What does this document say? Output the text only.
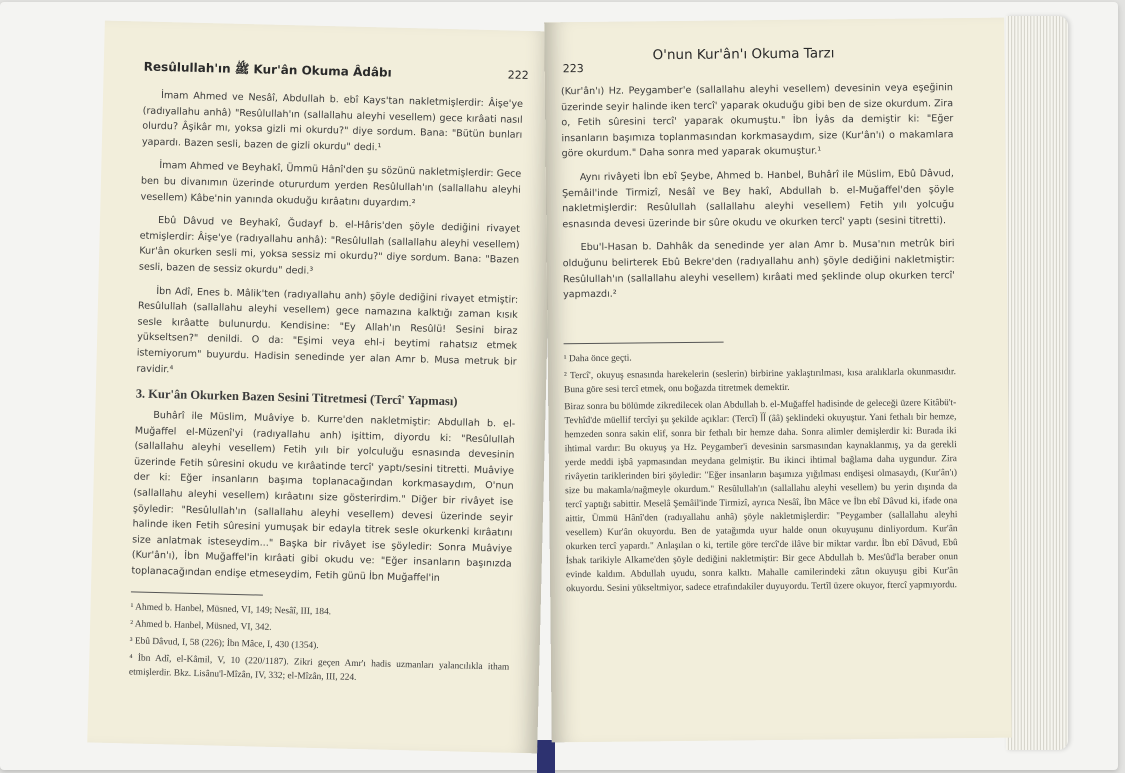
Resûlullah'ın ﷺ Kur'ân Okuma Âdâbı	222

İmam Ahmed ve Nesâî, Abdullah b. ebî Kays'tan nakletmişlerdir: Âişe'ye (radıyallahu anhâ) "Resûlullah'ın (sallallahu aleyhi vesellem) gece kırâati nasıl olurdu? Âşikâr mı, yoksa gizli mi okurdu?" diye sordum. Bana: "Bütün bunları yapardı. Bazen sesli, bazen de gizli okurdu" dedi.¹

İmam Ahmed ve Beyhakî, Ümmü Hânî'den şu sözünü nakletmişlerdir: Gece ben bu divanımın üzerinde otururdum yerden Resûlullah'ın (sallallahu aleyhi vesellem) Kâbe'nin yanında okuduğu kırâatını duyardım.²

Ebû Dâvud ve Beyhakî, Ğudayf b. el-Hâris'den şöyle dediğini rivayet etmişlerdir: Âişe'ye (radıyallahu anhâ): "Resûlullah (sallallahu aleyhi vesellem) Kur'ân okurken sesli mi, yoksa sessiz mi okurdu?" diye sordum. Bana: "Bazen sesli, bazen de sessiz okurdu" dedi.³

İbn Adî, Enes b. Mâlik'ten (radıyallahu anh) şöyle dediğini rivayet etmiştir: Resûlullah (sallallahu aleyhi vesellem) gece namazına kalktığı zaman kısık sesle kırâatte bulunurdu. Kendisine: "Ey Allah'ın Resûlü! Sesini biraz yükseltsen?" denildi. O da: "Eşimi veya ehl-i beytimi rahatsız etmek istemiyorum" buyurdu. Hadisin senedinde yer alan Amr b. Musa metruk bir ravidir.⁴

3. Kur'ân Okurken Bazen Sesini Titretmesi (Tercî' Yapması)

Buhârî ile Müslim, Muâviye b. Kurre'den nakletmiştir: Abdullah b. el-Muğaffel el-Müzenî'yi (radıyallahu anh) işittim, diyordu ki: "Resûlullah (sallallahu aleyhi vesellem) Fetih yılı bir yolculuğu esnasında devesinin üzerinde Fetih sûresini okudu ve kırâatinde tercî' yaptı/sesini titretti. Muâviye der ki: Eğer insanların başıma toplanacağından korkmasaydım, O'nun (sallallahu aleyhi vesellem) kırâatını size gösterirdim." Diğer bir rivâyet ise şöyledir: "Resûlullah'ın (sallallahu aleyhi vesellem) devesi üzerinde seyir halinde iken Fetih sûresini yumuşak bir edayla titrek sesle okurkenki kırâatını size anlatmak isteseydim..." Başka bir rivâyet ise şöyledir: Sonra Muâviye (Kur'ân'ı), İbn Muğaffel'in kırâati gibi okudu ve: "Eğer insanların başınızda toplanacağından endişe etmeseydim, Fetih günü İbn Muğaffel'in

¹ Ahmed b. Hanbel, Müsned, VI, 149; Nesâî, III, 184.

² Ahmed b. Hanbel, Müsned, VI, 342.

³ Ebû Dâvud, I, 58 (226); İbn Mâce, I, 430 (1354).

⁴ İbn Adî, el-Kâmil, V, 10 (220/1187). Zikri geçen Amr'ı hadis uzmanları yalancılıkla itham etmişlerdir. Bkz. Lisânu'l-Mîzân, IV, 332; el-Mîzân, III, 224.

O'nun Kur'ân'ı Okuma Tarzı
223

(Kur'ân'ı) Hz. Peygamber'e (sallallahu aleyhi vesellem) devesinin veya eşeğinin üzerinde seyir halinde iken tercî' yaparak okuduğu gibi ben de size okurdum. Zira o, Fetih sûresini tercî' yaparak okumuştu." İbn İyâs da demiştir ki: "Eğer insanların başımıza toplanmasından korkmasaydım, size (Kur'ân'ı) o makamlara göre okurdum." Daha sonra med yaparak okumuştur.¹

Aynı rivâyeti İbn ebî Şeybe, Ahmed b. Hanbel, Buhârî ile Müslim, Ebû Dâvud, Şemâil'inde Tirmizî, Nesâî ve Bey hakî, Abdullah b. el-Muğaffel'den şöyle nakletmişlerdir: Resûlullah (sallallahu aleyhi vesellem) Fetih yılı yolcuğu esnasında devesi üzerinde bir sûre okudu ve okurken tercî' yaptı (sesini titretti).

Ebu'l-Hasan b. Dahhâk da senedinde yer alan Amr b. Musa'nın metrûk biri olduğunu belirterek Ebû Bekre'den (radıyallahu anh) şöyle dediğini nakletmiştir: Resûlullah'ın (sallallahu aleyhi vesellem) kırâati med şeklinde olup okurken tercî' yapmazdı.²

¹ Daha önce geçti.

² Tercî', okuyuş esnasında harekelerin (seslerin) birbirine yaklaştırılması, kısa aralıklarla okunmasıdır. Buna göre sesi tercî etmek, onu boğazda titretmek demektir.

Biraz sonra bu bölümde zikredilecek olan Abdullah b. el-Muğaffel hadisinde de geleceği üzere Kitâbü't-Tevhîd'de müellif tercîyi şu şekilde açıklar: (Tercî) آآ (ââ) şeklindeki okuyuştur. Yani fethalı bir hemze, hemzeden sonra sakin elif, sonra bir fethalı bir hemze daha. Sonra alimler demişlerdir ki: Burada iki ihtimal vardır: Bu okuyuş ya Hz. Peygamber'i devesinin sarsmasından kaynaklanmış, ya da gerekli yerde meddi işbâ yapmasından meydana gelmiştir. Bu ikinci ihtimal bağlama daha uygundur. Zira rivâyetin tariklerinden biri şöyledir: "Eğer insanların başımıza yığılması endişesi olmasaydı, (Kur'ân'ı) size bu makamla/nağmeyle okurdum." Resûlullah'ın (sallallahu aleyhi vesellem) bu yerin dışında da tercî yaptığı sabittir. Meselâ Şemâil'inde Tirmizî, ayrıca Nesâî, İbn Mâce ve İbn ebî Dâvud ki, ifade ona aittir, Ümmü Hânî'den (radıyallahu anhâ) şöyle nakletmişlerdir: "Peygamber (sallallahu aleyhi vesellem) Kur'ân okuyordu. Ben de yatağımda uyur halde onun okuyuşunu dinliyordum. Kur'ân okurken tercî yapardı." Anlaşılan o ki, tertile göre tercî'de ilâve bir miktar vardır. İbn ebî Dâvud, Ebû İshak tarikiyle Alkame'den şöyle dediğini nakletmiştir: Bir gece Abdullah b. Mes'ûd'la beraber onun evinde kaldım. Abdullah uyudu, sonra kalktı. Mahalle camilerindeki zâtın okuyuşu gibi Kur'ân okuyordu. Sesini yükseltmiyor, sadece etrafındakiler duyuyordu. Tertîl üzere okuyor, ftercî yapmıyordu.
